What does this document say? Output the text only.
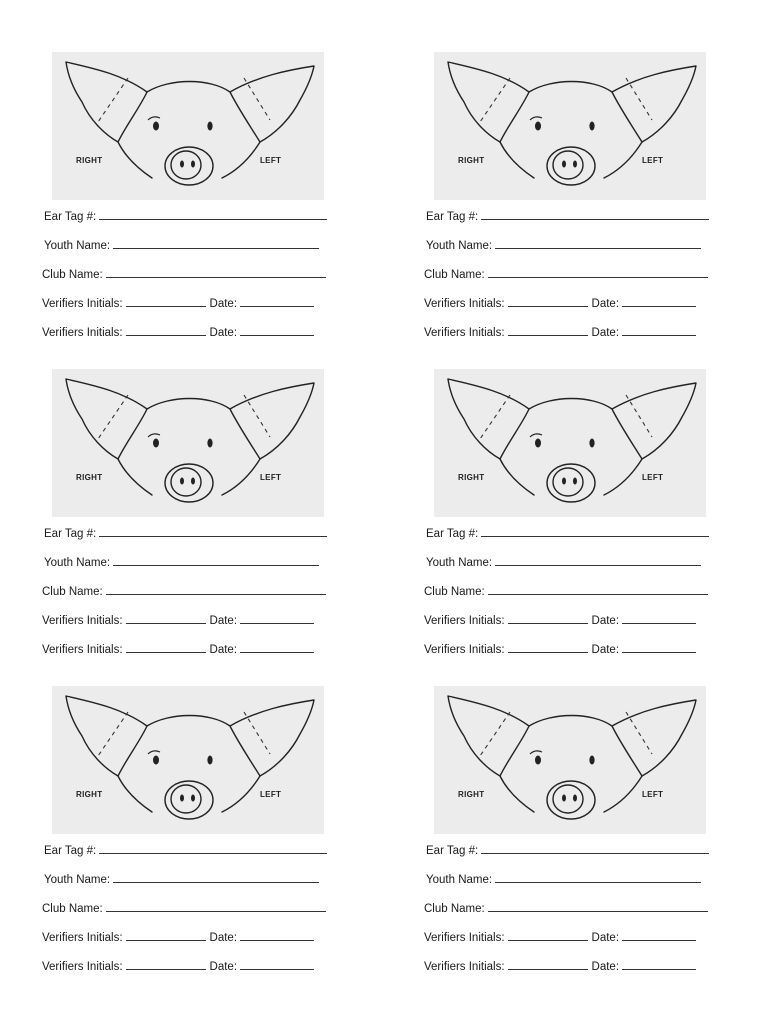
RIGHT	LEFT
Ear Tag #:
Youth Name:
Club Name:
Verifiers Initials:	Date:
Verifiers Initials:	Date:
RIGHT	LEFT
Ear Tag #:
Youth Name:
Club Name:
Verifiers Initials:	Date:
Verifiers Initials:	Date:
RIGHT	LEFT
Ear Tag #:
Youth Name:
Club Name:
Verifiers Initials:	Date:
Verifiers Initials:	Date:
RIGHT	LEFT
Ear Tag #:
Youth Name:
Club Name:
Verifiers Initials:	Date:
Verifiers Initials:	Date:
RIGHT	LEFT
Ear Tag #:
Youth Name:
Club Name:
Verifiers Initials:	Date:
Verifiers Initials:	Date:
RIGHT	LEFT
Ear Tag #:
Youth Name:
Club Name:
Verifiers Initials:	Date:
Verifiers Initials:	Date:
